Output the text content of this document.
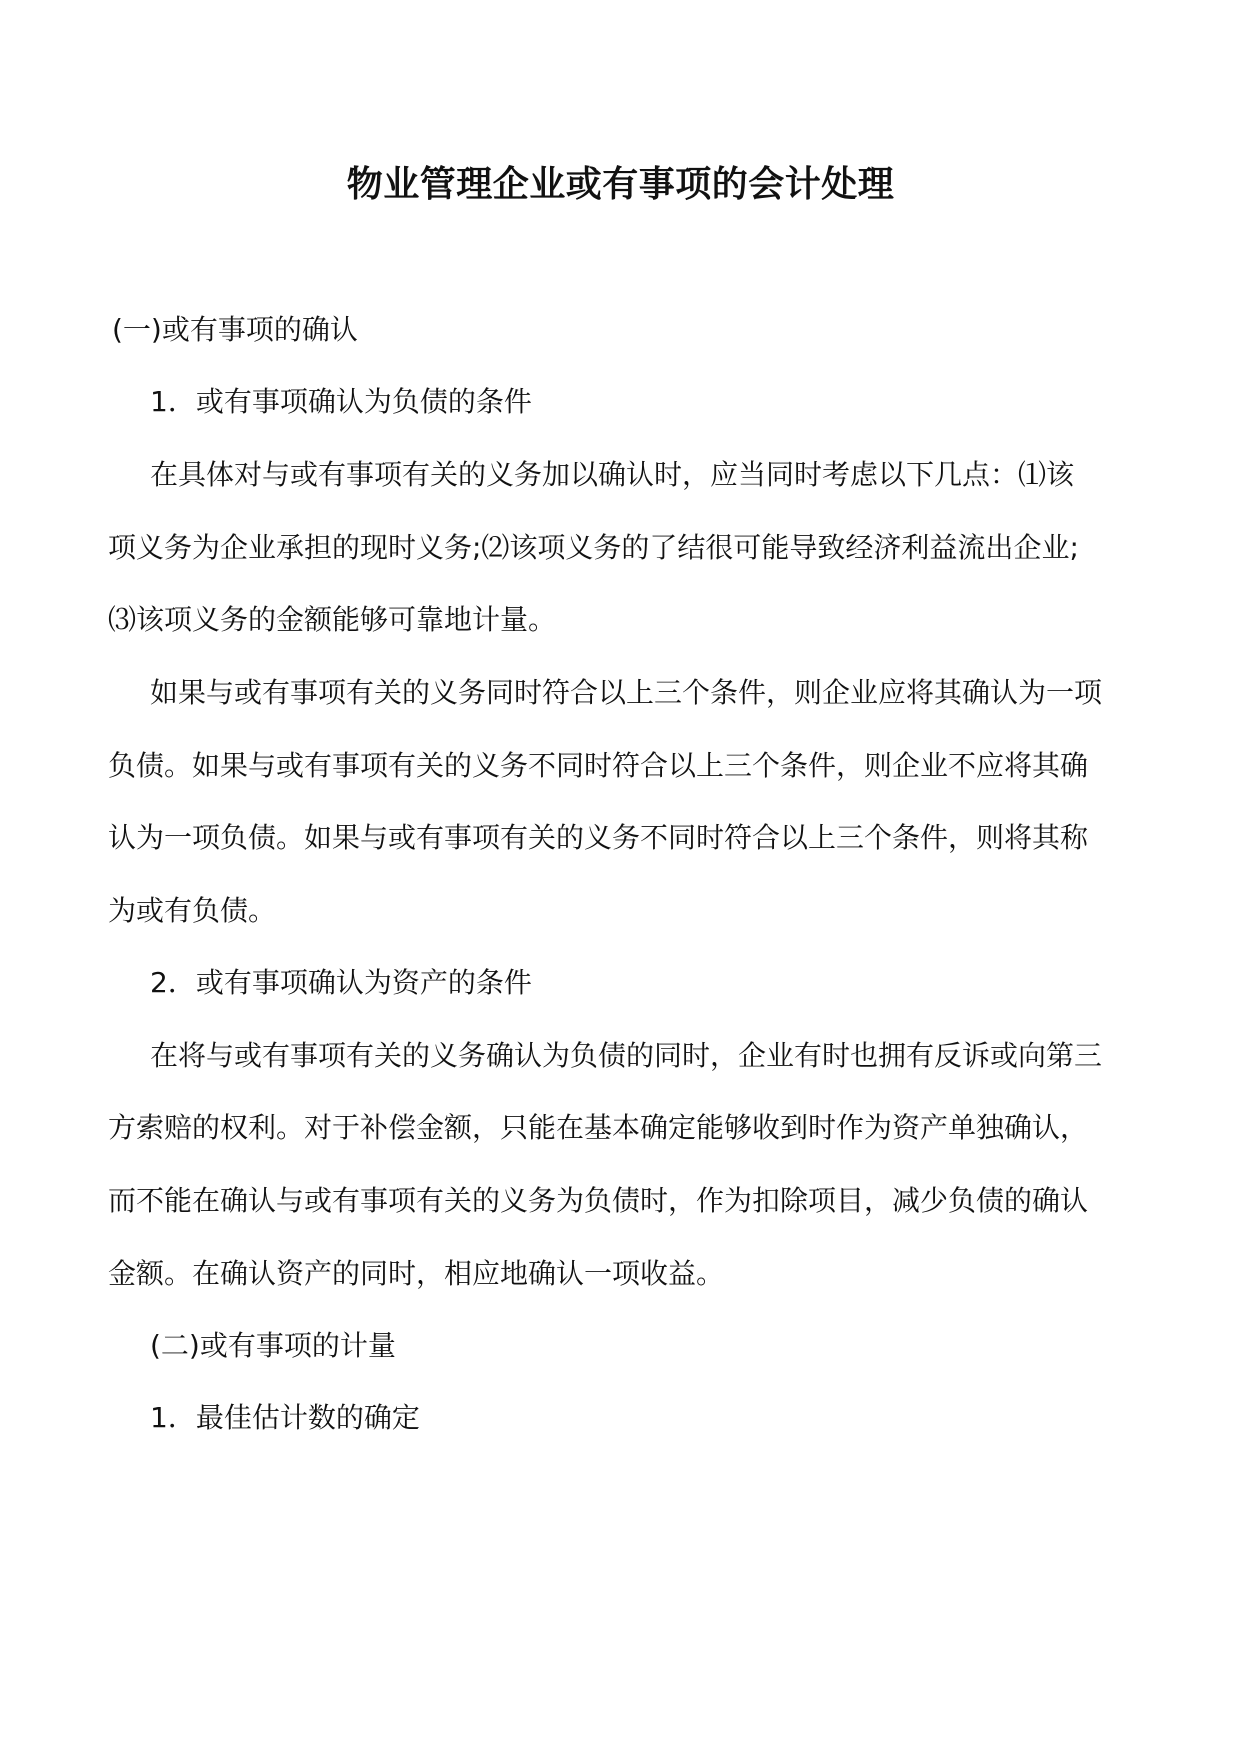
物业管理企业或有事项的会计处理

(一)或有事项的确认

1．或有事项确认为负债的条件

在具体对与或有事项有关的义务加以确认时，应当同时考虑以下几点：⑴该

项义务为企业承担的现时义务;⑵该项义务的了结很可能导致经济利益流出企业;

⑶该项义务的金额能够可靠地计量。

如果与或有事项有关的义务同时符合以上三个条件，则企业应将其确认为一项

负债。如果与或有事项有关的义务不同时符合以上三个条件，则企业不应将其确

认为一项负债。如果与或有事项有关的义务不同时符合以上三个条件，则将其称

为或有负债。

2．或有事项确认为资产的条件

在将与或有事项有关的义务确认为负债的同时，企业有时也拥有反诉或向第三

方索赔的权利。对于补偿金额，只能在基本确定能够收到时作为资产单独确认，

而不能在确认与或有事项有关的义务为负债时，作为扣除项目，减少负债的确认

金额。在确认资产的同时，相应地确认一项收益。

(二)或有事项的计量

1．最佳估计数的确定
